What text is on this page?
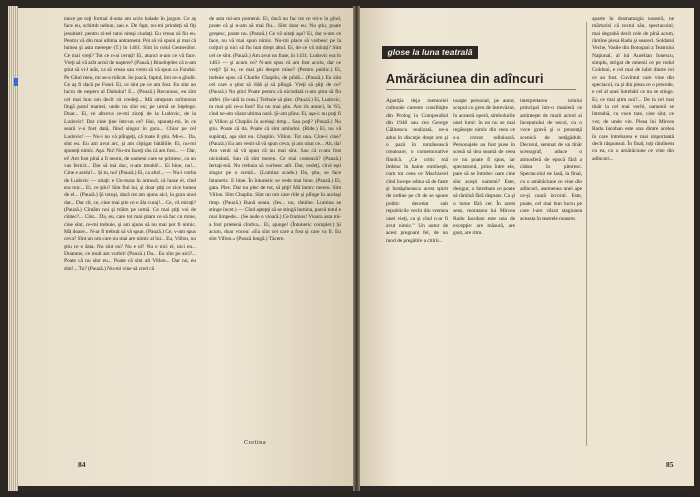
tance pe toţi formal d-asta am scris balade în jargon. Ce aş face eu, schimb nebun, sau e. De fapt, nu-mi prindeţi să fiţi jesuitisti: pentru zi-tel ratoi niteşi ciudaţi. Eu vreau să fiu eu. Pentru vă din mai ultima antrament. Pot să vă spuni şi mai că lumea şi asta mereşte (T.) în 1461. Sînt în rolul Gemenilor. Ce mai vreţi? Tot ce n-ai ceruţi! Ei, atunci n-am ce vă face. Vreţi să vă arăt actul de naştere? (Pauză.) Binelnţeles că n-am ştiut să vi-l arăt, ca să vreau sau vrem să vă spun ca Fondul. Pe Gîtul meu, mi se-a ridicat. Se joacă, faptul, îmi se-a gîndit. Ce aş fi dacă pe Fond. El, ce sînt pe ce am fost. Eu sînt un lucru de neşters al Duhului! E... (Pauză.) Recunosc, eu sînt cel mai bun om decît vă credeţi... Mă simţeam strîmtorat lîngă patul mamei, unde nu sînt eu; pe urmă se înţelege. Doar... Ei, ce altceva ce-mi ziceţi de la Ludovic, de la Ludovic! Dar cine ţine într-un ce? Hai, spuneţi-mi, în ce seară v-a fost dată, fiind singur în gura... Chiar pe cel Ludovic! — Nu-i nu vă plîngeţi, că toate îl ştiu. Mi-e... Da, sînt eu. Eu am avut arc, şi am cîştigat bătăliile. Ei, nu-mi spuneţi nimic. Aşa. Nu! Nu-mi faceţi rău că am fost... — Dar, ei! Am fost pînă a fi neom, de oameni care se primesc, ca un vas fericit... Dar să mă duc, n-am treabă!... Ei bine, nu!... Cine e acela?... Şi tu, nu! (Pauză.) Ei, ca alta!... — Nu-i vorba de Ludovic — uitaţi: e Un-turas în armură, că luase el, cînd era mic... Ei, ce ştiu? Sînt fiul lui, şi doar ştiţi ce zice lumea de el... (Pauză.) Şi totuşi, dacă tot am ajuns aici, la gura unui dar... Dar cît, ce, cine mai ştie ce e ăla curaj!... Ce, vă miraţi? (Pauză.) Cîntăm noi şi trăim pe urmă. Ce mai ştiţi voi de cîntec?... Cînt... Da, eu, care tot mai ştiam ce să fac cu mine, cine sînt, ce-mi trebuie, şi am ajuns să nu mai pot fi nimic. Mă doare... N-ar fi trebuit să vă spun. (Pauză.) Ce, v-am spus ceva? Sînt un om care nu mai are nimic al lui... Eu, Villon, nu ştiu ce e ăsta. Nu sînt eu? Nu e el? Nu e nici el, nici eu... Doamne, ce mult am vorbit! (Pauză.) Da... Eu sînt pe aici?... Poate că nu sînt eu... Poate că sînt alt Villon... Dar nu, eu sînt!... Tu? (Pauză.) Nu-mi vine să cred că
de asta mi-am pomenit. Ei, dacă nu fac tot ce mi-e în gînd, poate că şi n-am să mai fiu... Sînt doar eu. Nu ştiu, poate greşesc, poate nu. (Pauză.) Ce vă uitaţi aşa? Ei, dar n-am ce face, nu vă mai spun nimic. Nu-mi place să vorbesc pe la colţuri şi nici să fiu luat drept altul. Ei, de ce vă miraţi? Sînt cel ce sînt. (Pauză.) Am avut un frate, în 1431. Ludovic era în 1463 — şi acum ce? N-am spus că am fost acolo, dar ce vreţi? Şi tu, ce mai ştii despre mine? (Pentru public.) Ei, trebuie spus că Charlie Chaplin, de pildă... (Pauză.) Eu sînt cel care a ştiut să rîdă şi să plîngă. Vreţi să ştiţi de ce? (Pauză.) Nu ştiu! Poate pentru că niciodată n-am ştiut să fiu altfel. (Se uită la ceas.) Trebuie să plec. (Pauză.) Ei, Ludovic, tu mai ştii ce-a fost? Eu nu mai ştiu. Am rîs atunci, în '63, cînd ne-am văzut ultima oară. Şi-am plîns. Ei, aşa-i: nu poţi fi şi Villon şi Chaplin în acelaşi timp... Sau poţi? (Pauză.) Nu ştiu. Poate că da. Poate că sînt amîndoi. (Rîde.) Ei, nu vă supăraţi, aşa sînt eu. Chaplin. Villon. Tot una. Cine-i cine? (Pauză.) Eu am venit să vă spun ceva, şi am uitat ce... Ah, da! Am venit să vă spun că nu mai sînt. Sau că n-am fost niciodată. Sau că sînt mereu. Ce mai contează? (Pauză.) Iertaţi-mă. Nu trebuia să vorbesc atît. Dar, vedeţi, cînd eşti singur pe o scenă... (Lumina scade.) Da, ştiu, se face întuneric. E bine. În întuneric se vede mai bine. (Pauză.) Ei, gata. Plec. Dar nu plec de tot, să ştiţi! Mă întorc mereu. Sînt Villon. Sînt Chaplin. Sînt un om care rîde şi plînge în acelaşi timp. (Pauză.) Bună seara. (Ies... nu, rămîne. Lumina se stinge încet.) — Cînd aştepţi să se stingă lumina, parcă totul e mai limpede... (Se aude o vioară.) Ce frumos! Vioara asta mi-a fost prietenă cîndva... Ei, ajunge! (Întuneric complet.) Şi acum, doar vocea: «Eu sînt cel care a fost şi care va fi. Eu sînt Villon.» (Pauză lungă.) Tăcere.
Cortina
84
glose la luna teatrală
Amărăciunea din adîncuri
Apariţia deja memoriei culturale curente consfinţite din Prolog la Compendiul din 1940 sau cea George Călinescu realizată, ne-a adus în discuţie drept om şi o pază în românească creatoare, o comemorative fiindcă. „Ce critic mă îmbrac în haine romîneşti, cum tot ceea ce Machiavel cînd începe adina să de faste şi înstăpîneasca acest spirit de ordine pe cît de se spune politic decedat sub republicile vechi din vremea unei vieţi, ca şi cînd n-ar fi avut nimic.” Un autor de acest pregnant fel, de un mod de pregătire a citirii...
noaşte personal, pe autor, scopul cu greu de întrevăzut, în această operă, simbolurile unei lumi: în ea nu se mai regăseşte nimic din ceea ce s-a crezut odinioară. Personajele au fost puse în scenă să dea seamă de ceea ce nu poate fi spus, iar spectatorul, prins între ele, pare să se întrebe: oare cine sînt aceşti oameni? Este, desigur, o întrebare ce poate să rămînă fără răspuns. Ca şi o lume fără cer. În acest sens, montarea lui Mircea Radu Iacoban este una de excepţie: are măsură, are gust, are ritm.
interpretarea rolului principal într-o manieră ce aminteşte de marii actori ai începutului de secol, cu o voce gravă şi o prezenţă scenică de netăgăduit. Decorul, semnat de un tînăr scenograf, aduce o atmosferă de epocă fără a cădea în pitoresc. Spectacolul ne lasă, la final, cu o amărăciune ce vine din adîncuri, asemenea unei ape ce-şi caută izvorul. Este, poate, cel mai bun lucru pe care l-am văzut stagiunea aceasta în teatrele noastre.
aparte în dramaturgia noastră, ne mărturisi că textul său, spectacolul, mai degrabă decît cele de pînă acum, rămîne piesa Radu şi seareci. Soldatul Veche, Vasile din Botoşani a Teatrului Naţional, al lui Aurelian Ionescu, simplu, strigat de omenii ce pe rodul Goldoni, e cel mai de iubit dintre cei ce au fost. Cuvîntul care vine din spectacol, ca şi din piesa ce o precede, e cel al unei întrebări ce nu se stinge. Ei, ce mai ştim noi?... De la cel mai tînăr la cel mai vechi, oamenii se întreabă, cu voce tare, cine sînt, ce vor, de unde vin. Piesa lui Mircea Radu Iacoban este una dintre acelea în care întrebarea e mai importantă decît răspunsul. În final, toţi rămînem cu ea, cu o amărăciune ce vine din adîncuri...
85
